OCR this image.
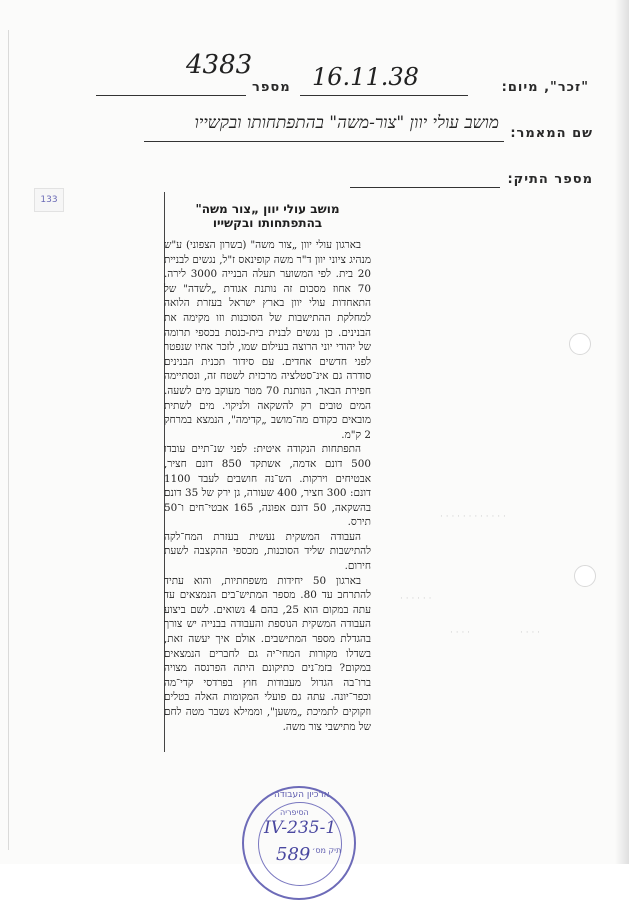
"זכר", מיום:
16.11.38
מספר
4383
שם המאמר:
מושב עולי יוון "צור-משה" בהתפתחותו ובקשייו
מספר התיק:
133
· · · · · · · · · · · ·
· · · · · ·
· · · ·	· · · ·
מושב עולי יוון „צור משה"
בהתפתחותו ובקשייו

בארגון עולי יוון „צור משה" (בשרון הצפוני) ע"ש מנהיג ציוני יוון ד"ר משה קופינאס ז"ל, נגשים לבניית 20 בית. לפי המשוער תעלה הבנייה 3000 לירה. 70 אחוז מסכום זה נותנת אגודת „לשדה" של התאחדות עולי יוון בארץ ישראל בעזרת הלואה למחלקת ההתישבות של הסוכנות וזו מקימה את הבנינים. כן נגשים לבנית בית-כנסת בכספי תרומה של יהודי יוני הרוצה בעילום שמו, לזכר אחיו שנפטר לפני חדשים אחדים. עם סידור תכנית הבנינים סודרה גם אינ־סטלציה מרכזית לשטח זה, ונסתיימה חפירת הבאר, הנותנת 70 מטר מעוקב מים לשעה. המים טובים רק להשקאה ולניקוי. מים לשתית מובאים כקודם מה־מושב „קדימה", הנמצא במרחק 2 ק"מ.

התפתחות הנקודה איטית: לפני שנ־תיים עובדו 500 דונם אדמה, אשתקד 850 דונם חציר, אבטיחים וירקות. הש־נה חושבים לעבד 1100 דונם: 300 חציר, 400 שעורה, גן ירק של 35 דונם בהשקאה, 50 דונם אפונה, 165 אבטי־חים ו־50 תירס.

העבודה המשקית נעשית בעזרת המח־לקה להתישבות שליד הסוכנות, מכספי ההקצבה לשעת חירום.

בארגון 50 יחידות משפחתיות, והוא עתיד להתרחב עד 80. מספר המתיש־בים הנמצאים עד עתה במקום הוא 25, בהם 4 נשואים. לשם ביצוע העבודה המשקית הנוספת והעבודה בבנייה יש צורך בהגדלת מספר המתישבים. אולם איך יעשה זאת, בשדלו מקורות המחי־יה גם לחברים הנמצאים במקום? בזמ־נים כתיקונם היתה הפרנסה מצויה ברו־בה הגדול מעבודות חוץ בפרדסי קדי־מה וכפר־יונה. עתה גם פועלי המקומות האלה בטלים וזקוקים לתמיכת „משען", וממילא נשבר מטה לחם של מתישבי צור משה.

ארכיון העבודה
הסיפריה
IV-235-1
תיק מס׳
589
